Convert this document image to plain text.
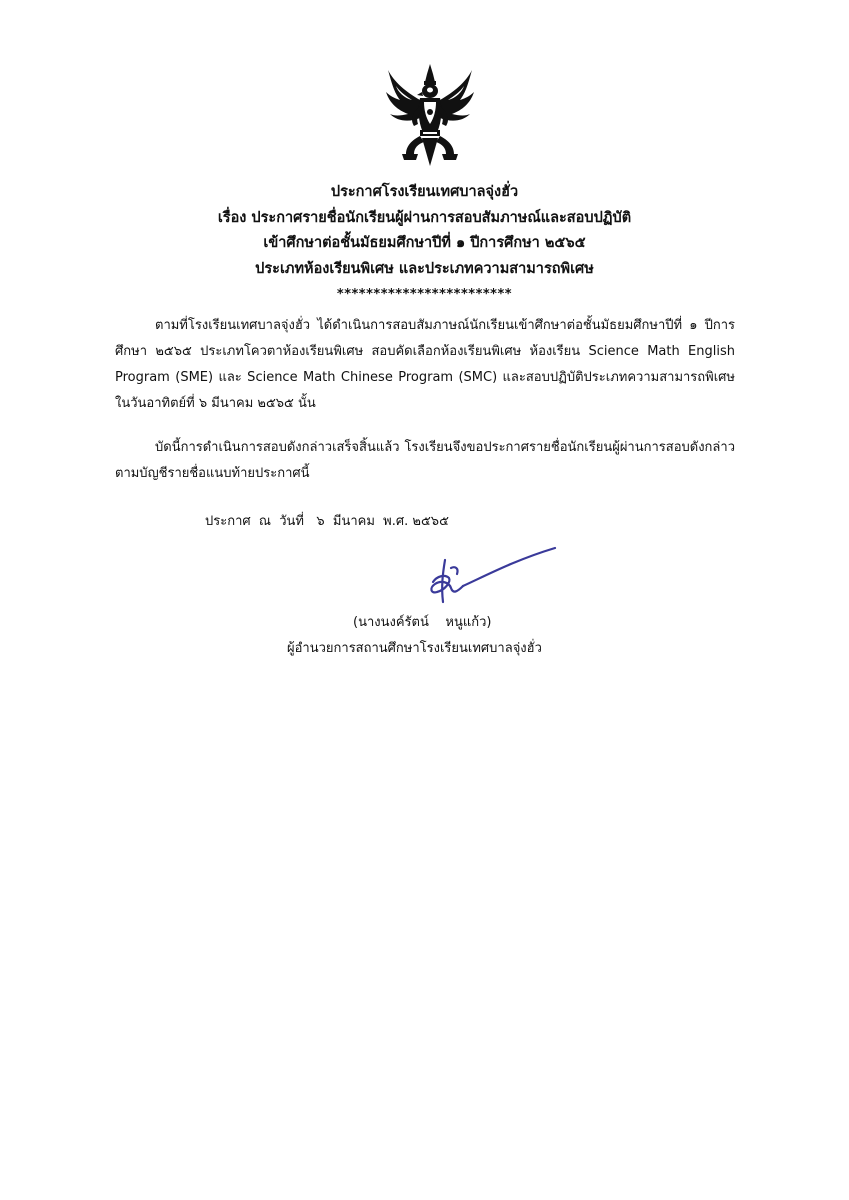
ประกาศโรงเรียนเทศบาลจุ่งฮั่ว
เรื่อง ประกาศรายชื่อนักเรียนผู้ผ่านการสอบสัมภาษณ์และสอบปฏิบัติ
เข้าศึกษาต่อชั้นมัธยมศึกษาปีที่ ๑ ปีการศึกษา ๒๕๖๕
ประเภทห้องเรียนพิเศษ และประเภทความสามารถพิเศษ
************************
ตามที่โรงเรียนเทศบาลจุ่งฮั่ว ได้ดำเนินการสอบสัมภาษณ์นักเรียนเข้าศึกษาต่อชั้นมัธยมศึกษาปีที่ ๑ ปีการศึกษา ๒๕๖๕ ประเภทโควตาห้องเรียนพิเศษ สอบคัดเลือกห้องเรียนพิเศษ ห้องเรียน Science Math English Program (SME) และ Science Math Chinese Program (SMC) และสอบปฏิบัติประเภทความสามารถพิเศษ ในวันอาทิตย์ที่ ๖ มีนาคม ๒๕๖๕ นั้น
บัดนี้การดำเนินการสอบดังกล่าวเสร็จสิ้นแล้ว โรงเรียนจึงขอประกาศรายชื่อนักเรียนผู้ผ่านการสอบดังกล่าว ตามบัญชีรายชื่อแนบท้ายประกาศนี้
ประกาศ  ณ  วันที่   ๖  มีนาคม  พ.ศ. ๒๕๖๕
(นางนงค์รัตน์    หนูแก้ว)
ผู้อำนวยการสถานศึกษาโรงเรียนเทศบาลจุ่งฮั่ว
